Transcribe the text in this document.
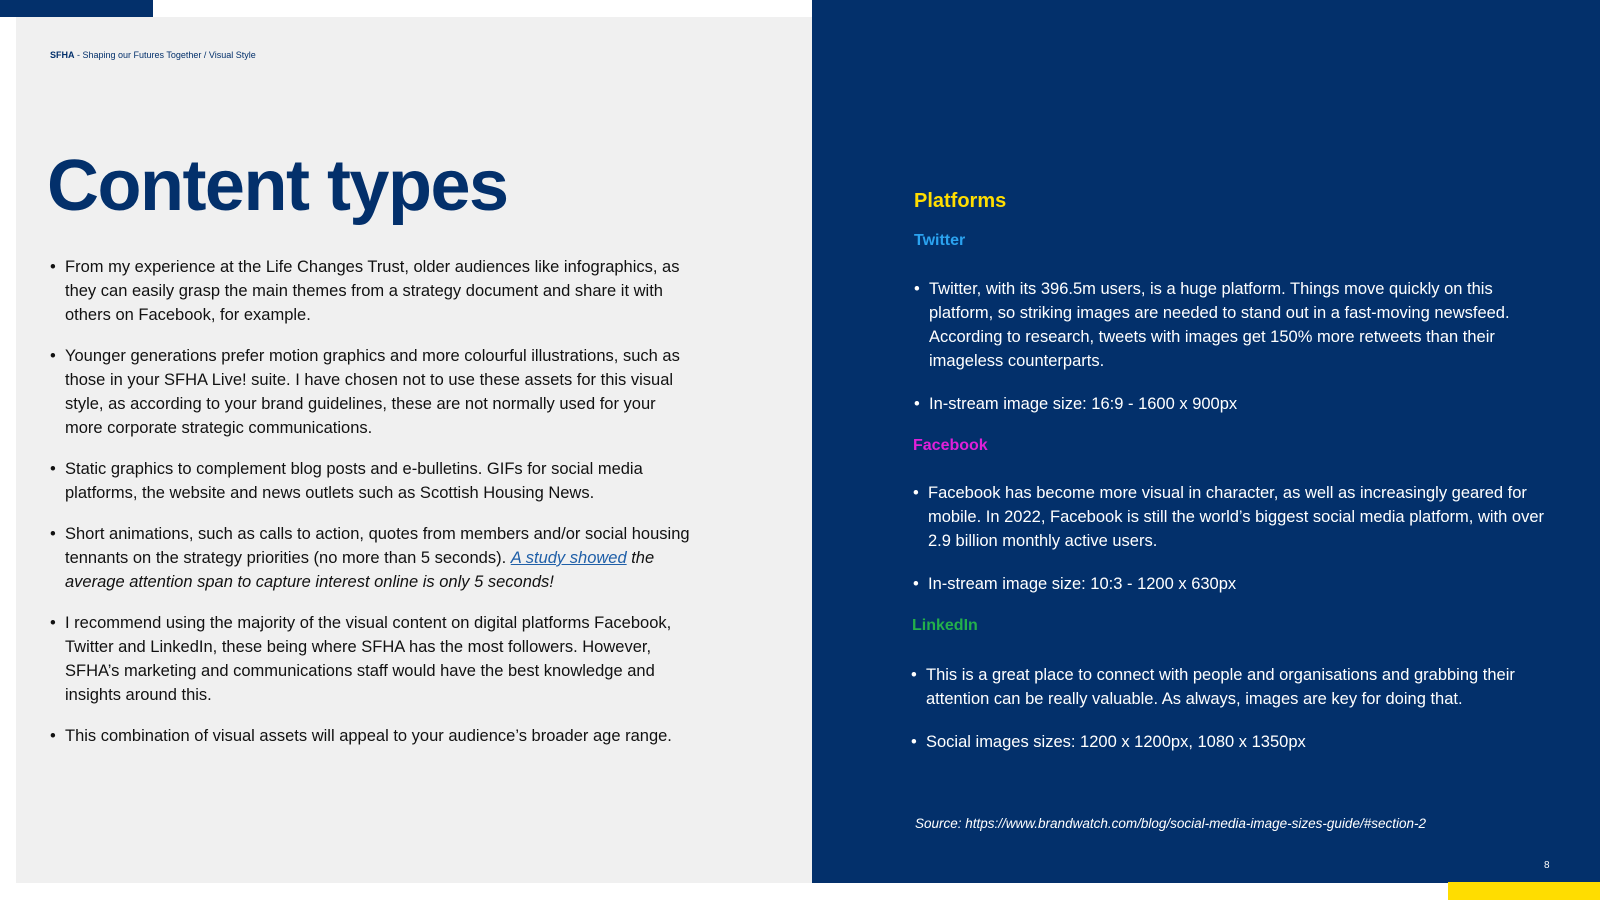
SFHA - Shaping our Futures Together / Visual Style
Content types
• From my experience at the Life Changes Trust, older audiences like infographics, as they can easily grasp the main themes from a strategy document and share it with others on Facebook, for example.
• Younger generations prefer motion graphics and more colourful illustrations, such as those in your SFHA Live! suite. I have chosen not to use these assets for this visual style, as according to your brand guidelines, these are not normally used for your more corporate strategic communications.
• Static graphics to complement blog posts and e-bulletins. GIFs for social media platforms, the website and news outlets such as Scottish Housing News.
• Short animations, such as calls to action, quotes from members and/or social housing tennants on the strategy priorities (no more than 5 seconds). A study showed the average attention span to capture interest online is only 5 seconds!
• I recommend using the majority of the visual content on digital platforms Facebook, Twitter and LinkedIn, these being where SFHA has the most followers. However, SFHA’s marketing and communications staff would have the best knowledge and insights around this.
• This combination of visual assets will appeal to your audience’s broader age range.
Platforms
Twitter
• Twitter, with its 396.5m users, is a huge platform. Things move quickly on this platform, so striking images are needed to stand out in a fast-moving newsfeed. According to research, tweets with images get 150% more retweets than their imageless counterparts.
• In-stream image size: 16:9 - 1600 x 900px
Facebook
• Facebook has become more visual in character, as well as increasingly geared for mobile. In 2022, Facebook is still the world’s biggest social media platform, with over 2.9 billion monthly active users.
• In-stream image size: 10:3 - 1200 x 630px
LinkedIn
• This is a great place to connect with people and organisations and grabbing their attention can be really valuable. As always, images are key for doing that.
• Social images sizes: 1200 x 1200px, 1080 x 1350px
Source: https://www.brandwatch.com/blog/social-media-image-sizes-guide/#section-2
8
